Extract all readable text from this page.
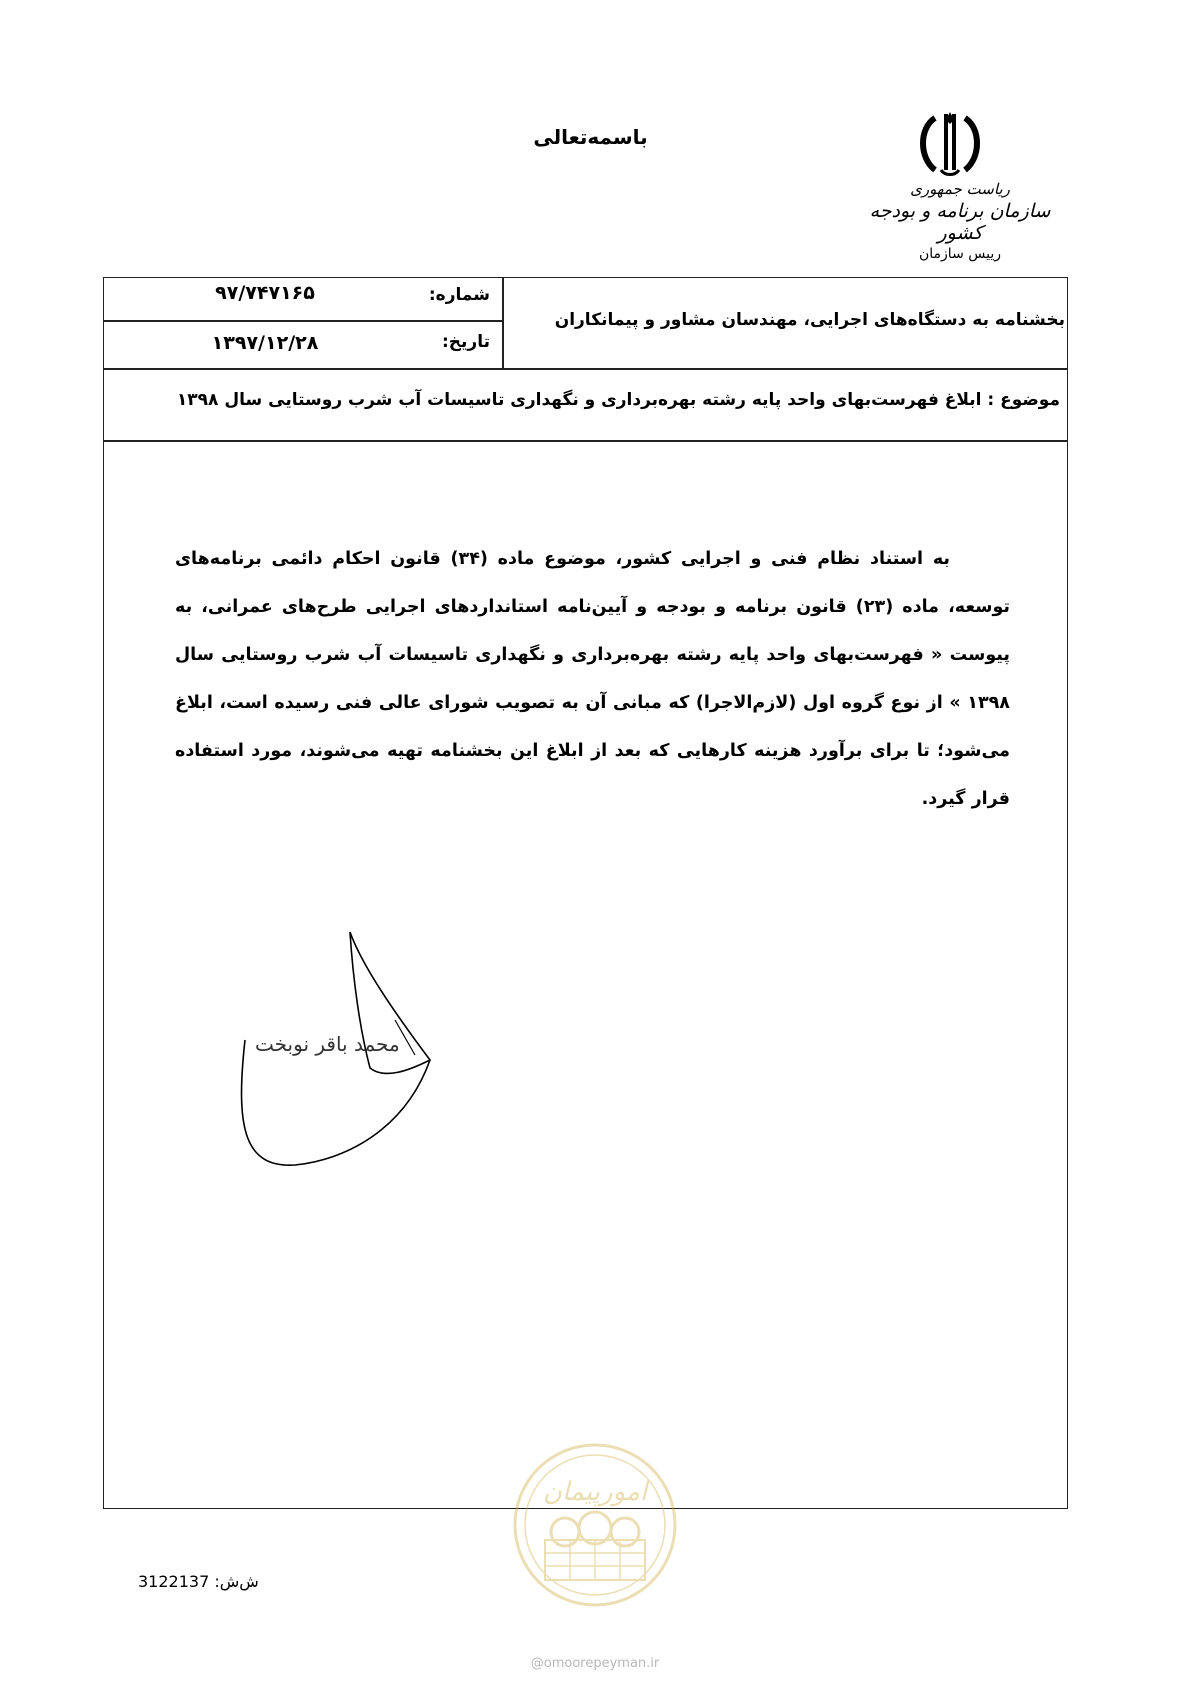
باسمه‌تعالی
ریاست جمهوری
سازمان برنامه و بودجه کشور
رییس سازمان
بخشنامه به دستگاه‌های اجرایی، مهندسان مشاور و پیمانکاران
شماره:
۹۷/۷۴۷۱۶۵
تاریخ:
۱۳۹۷/۱۲/۲۸
موضوع : ابلاغ فهرست‌بهای واحد پایه رشته بهره‌برداری و نگهداری تاسیسات آب شرب روستایی سال ۱۳۹۸
به استناد نظام فنی و اجرایی کشور، موضوع ماده (۳۴) قانون احکام دائمی برنامه‌های توسعه، ماده (۲۳) قانون برنامه و بودجه و آیین‌نامه استانداردهای اجرایی طرح‌های عمرانی، به پیوست « فهرست‌بهای واحد پایه رشته بهره‌برداری و نگهداری تاسیسات آب شرب روستایی سال ۱۳۹۸ » از نوع گروه اول (لازم‌الاجرا) که مبانی آن به تصویب شورای عالی فنی رسیده است، ابلاغ می‌شود؛ تا برای برآورد هزینه کارهایی که بعد از ابلاغ این بخشنامه تهیه می‌شوند، مورد استفاده قرار گیرد.
محمد باقر نوبخت
امورپیمان
@omoorepeyman.ir
ش‌ش: 3122137
